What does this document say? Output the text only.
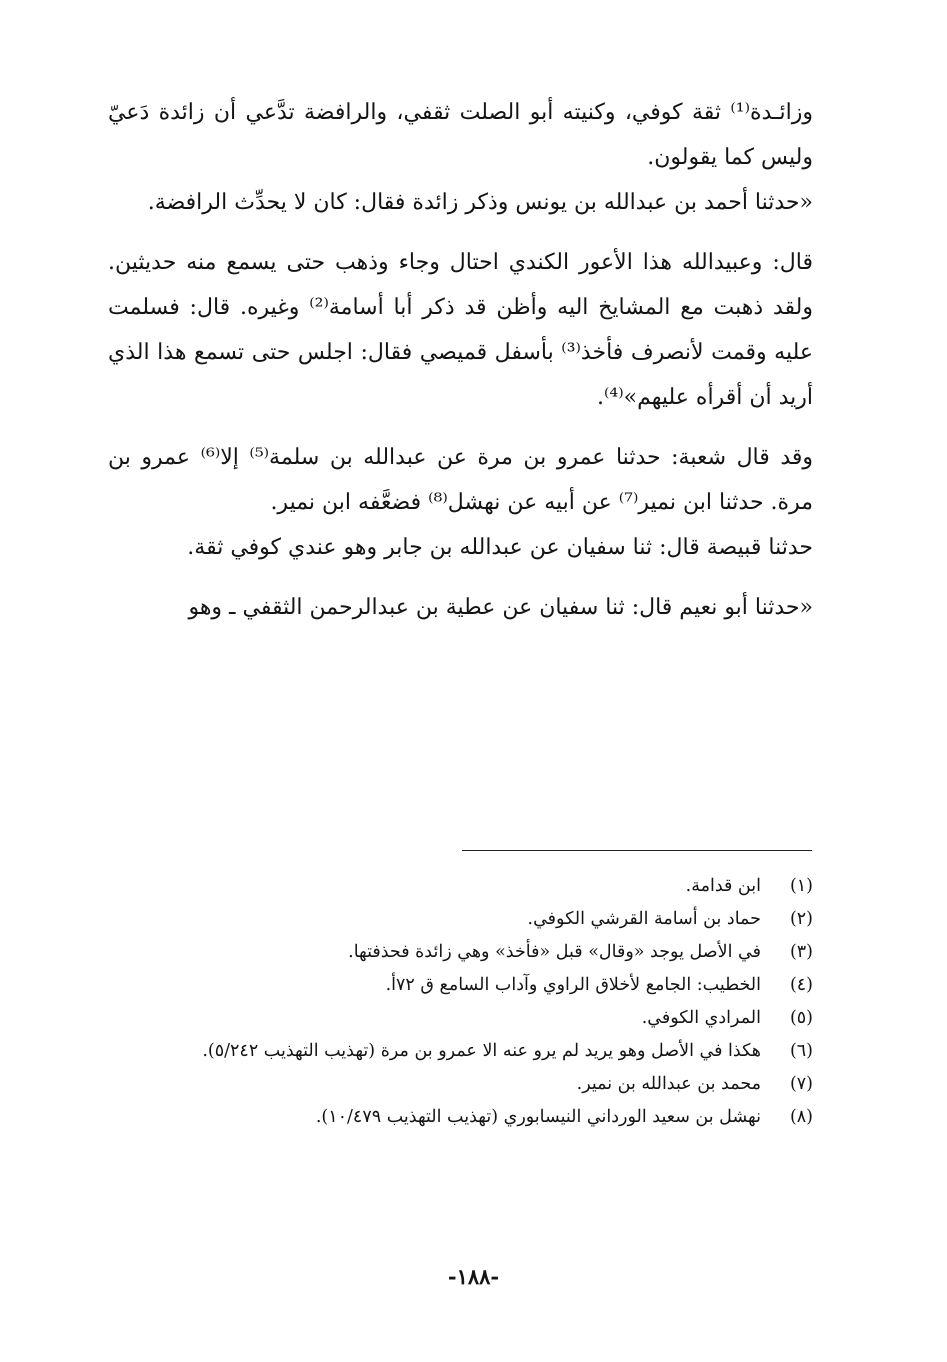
وزائـدة⁽¹⁾ ثقة كوفي، وكنيته أبو الصلت ثقفي، والرافضة تدَّعي أن زائدة دَعيّ وليس كما يقولون.

«حدثنا أحمد بن عبدالله بن يونس وذكر زائدة فقال: كان لا يحدِّث الرافضة.

قال: وعبيدالله هذا الأعور الكندي احتال وجاء وذهب حتى يسمع منه حديثين. ولقد ذهبت مع المشايخ اليه وأظن قد ذكر أبا أسامة⁽²⁾ وغيره. قال: فسلمت عليه وقمت لأنصرف فأخذ⁽³⁾ بأسفل قميصي فقال: اجلس حتى تسمع هذا الذي أريد أن أقرأه عليهم»⁽⁴⁾.

وقد قال شعبة: حدثنا عمرو بن مرة عن عبدالله بن سلمة⁽⁵⁾ إلا⁽⁶⁾ عمرو بن مرة. حدثنا ابن نمير⁽⁷⁾ عن أبيه عن نهشل⁽⁸⁾ فضعَّفه ابن نمير.

حدثنا قبيصة قال: ثنا سفيان عن عبدالله بن جابر وهو عندي كوفي ثقة.

«حدثنا أبو نعيم قال: ثنا سفيان عن عطية بن عبدالرحمن الثقفي ـ وهو

(١)
ابن قدامة.
(٢)
حماد بن أسامة القرشي الكوفي.
(٣)
في الأصل يوجد «وقال» قبل «فأخذ» وهي زائدة فحذفتها.
(٤)
الخطيب: الجامع لأخلاق الراوي وآداب السامع ق ٧٢أ.
(٥)
المرادي الكوفي.
(٦)
هكذا في الأصل وهو يريد لم يرو عنه الا عمرو بن مرة (تهذيب التهذيب ٥/٢٤٢).
(٧)
محمد بن عبدالله بن نمير.
(٨)
نهشل بن سعيد الورداني النيسابوري (تهذيب التهذيب ١٠/٤٧٩).
-١٨٨-
